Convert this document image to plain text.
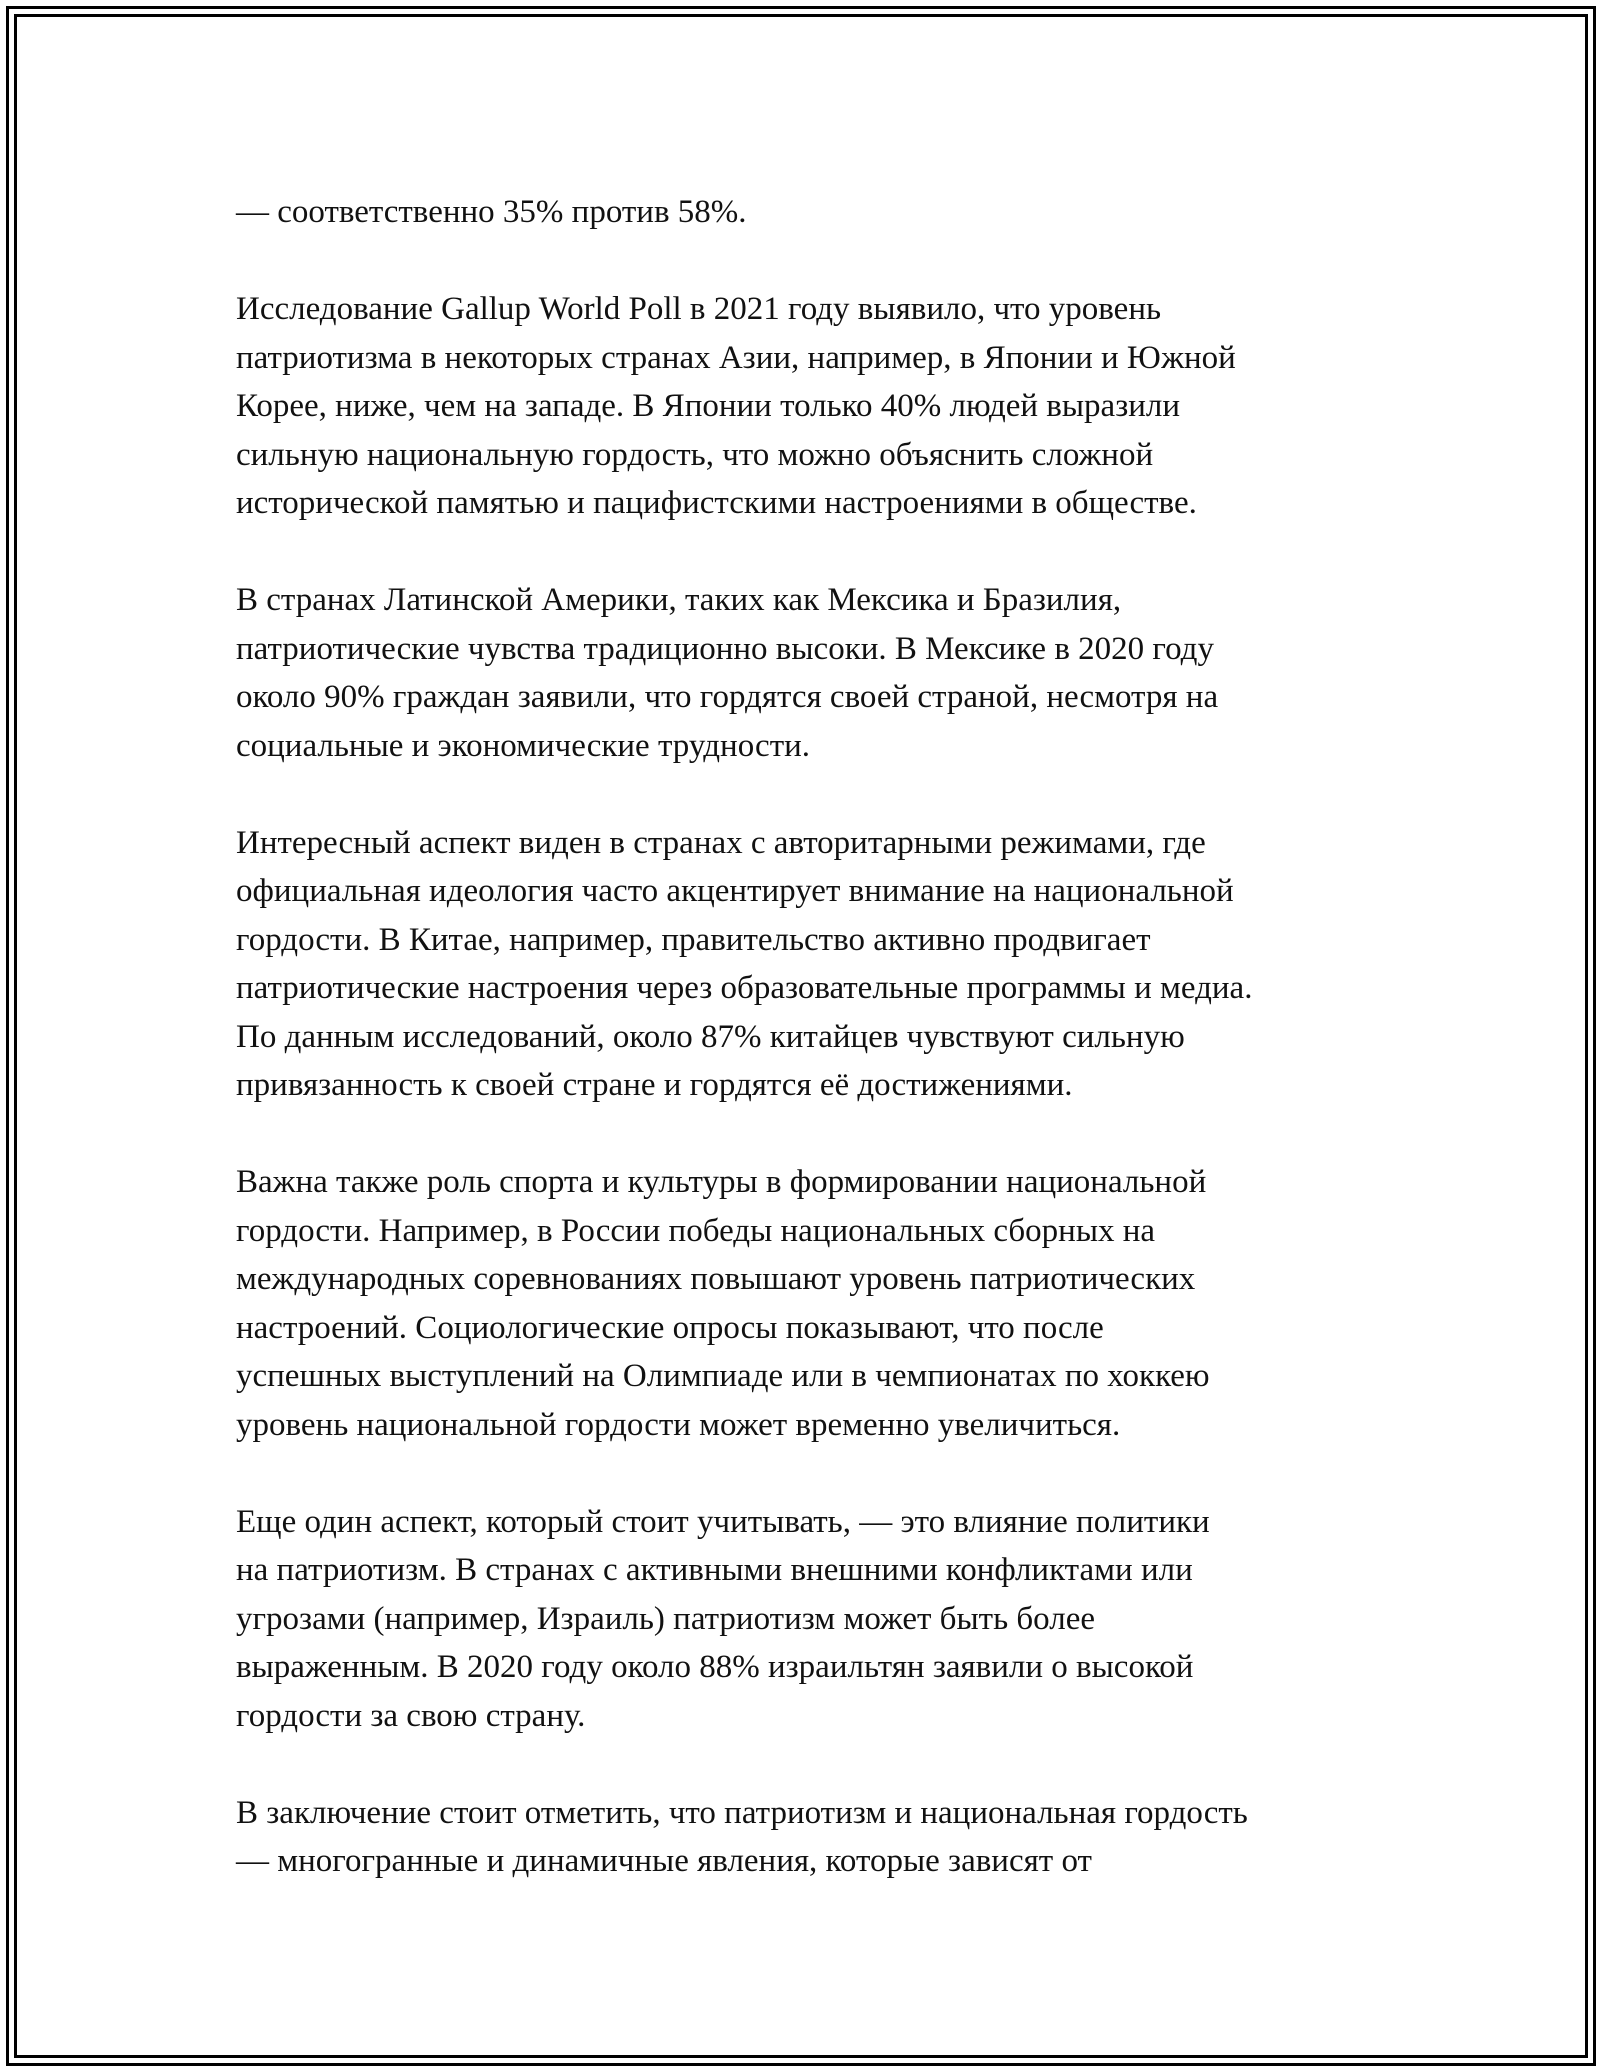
— соответственно 35% против 58%.

Исследование Gallup World Poll в 2021 году выявило, что уровень
патриотизма в некоторых странах Азии, например, в Японии и Южной
Корее, ниже, чем на западе. В Японии только 40% людей выразили
сильную национальную гордость, что можно объяснить сложной
исторической памятью и пацифистскими настроениями в обществе.

В странах Латинской Америки, таких как Мексика и Бразилия,
патриотические чувства традиционно высоки. В Мексике в 2020 году
около 90% граждан заявили, что гордятся своей страной, несмотря на
социальные и экономические трудности.

Интересный аспект виден в странах с авторитарными режимами, где
официальная идеология часто акцентирует внимание на национальной
гордости. В Китае, например, правительство активно продвигает
патриотические настроения через образовательные программы и медиа.
По данным исследований, около 87% китайцев чувствуют сильную
привязанность к своей стране и гордятся её достижениями.

Важна также роль спорта и культуры в формировании национальной
гордости. Например, в России победы национальных сборных на
международных соревнованиях повышают уровень патриотических
настроений. Социологические опросы показывают, что после
успешных выступлений на Олимпиаде или в чемпионатах по хоккею
уровень национальной гордости может временно увеличиться.

Еще один аспект, который стоит учитывать, — это влияние политики
на патриотизм. В странах с активными внешними конфликтами или
угрозами (например, Израиль) патриотизм может быть более
выраженным. В 2020 году около 88% израильтян заявили о высокой
гордости за свою страну.

В заключение стоит отметить, что патриотизм и национальная гордость
— многогранные и динамичные явления, которые зависят от
